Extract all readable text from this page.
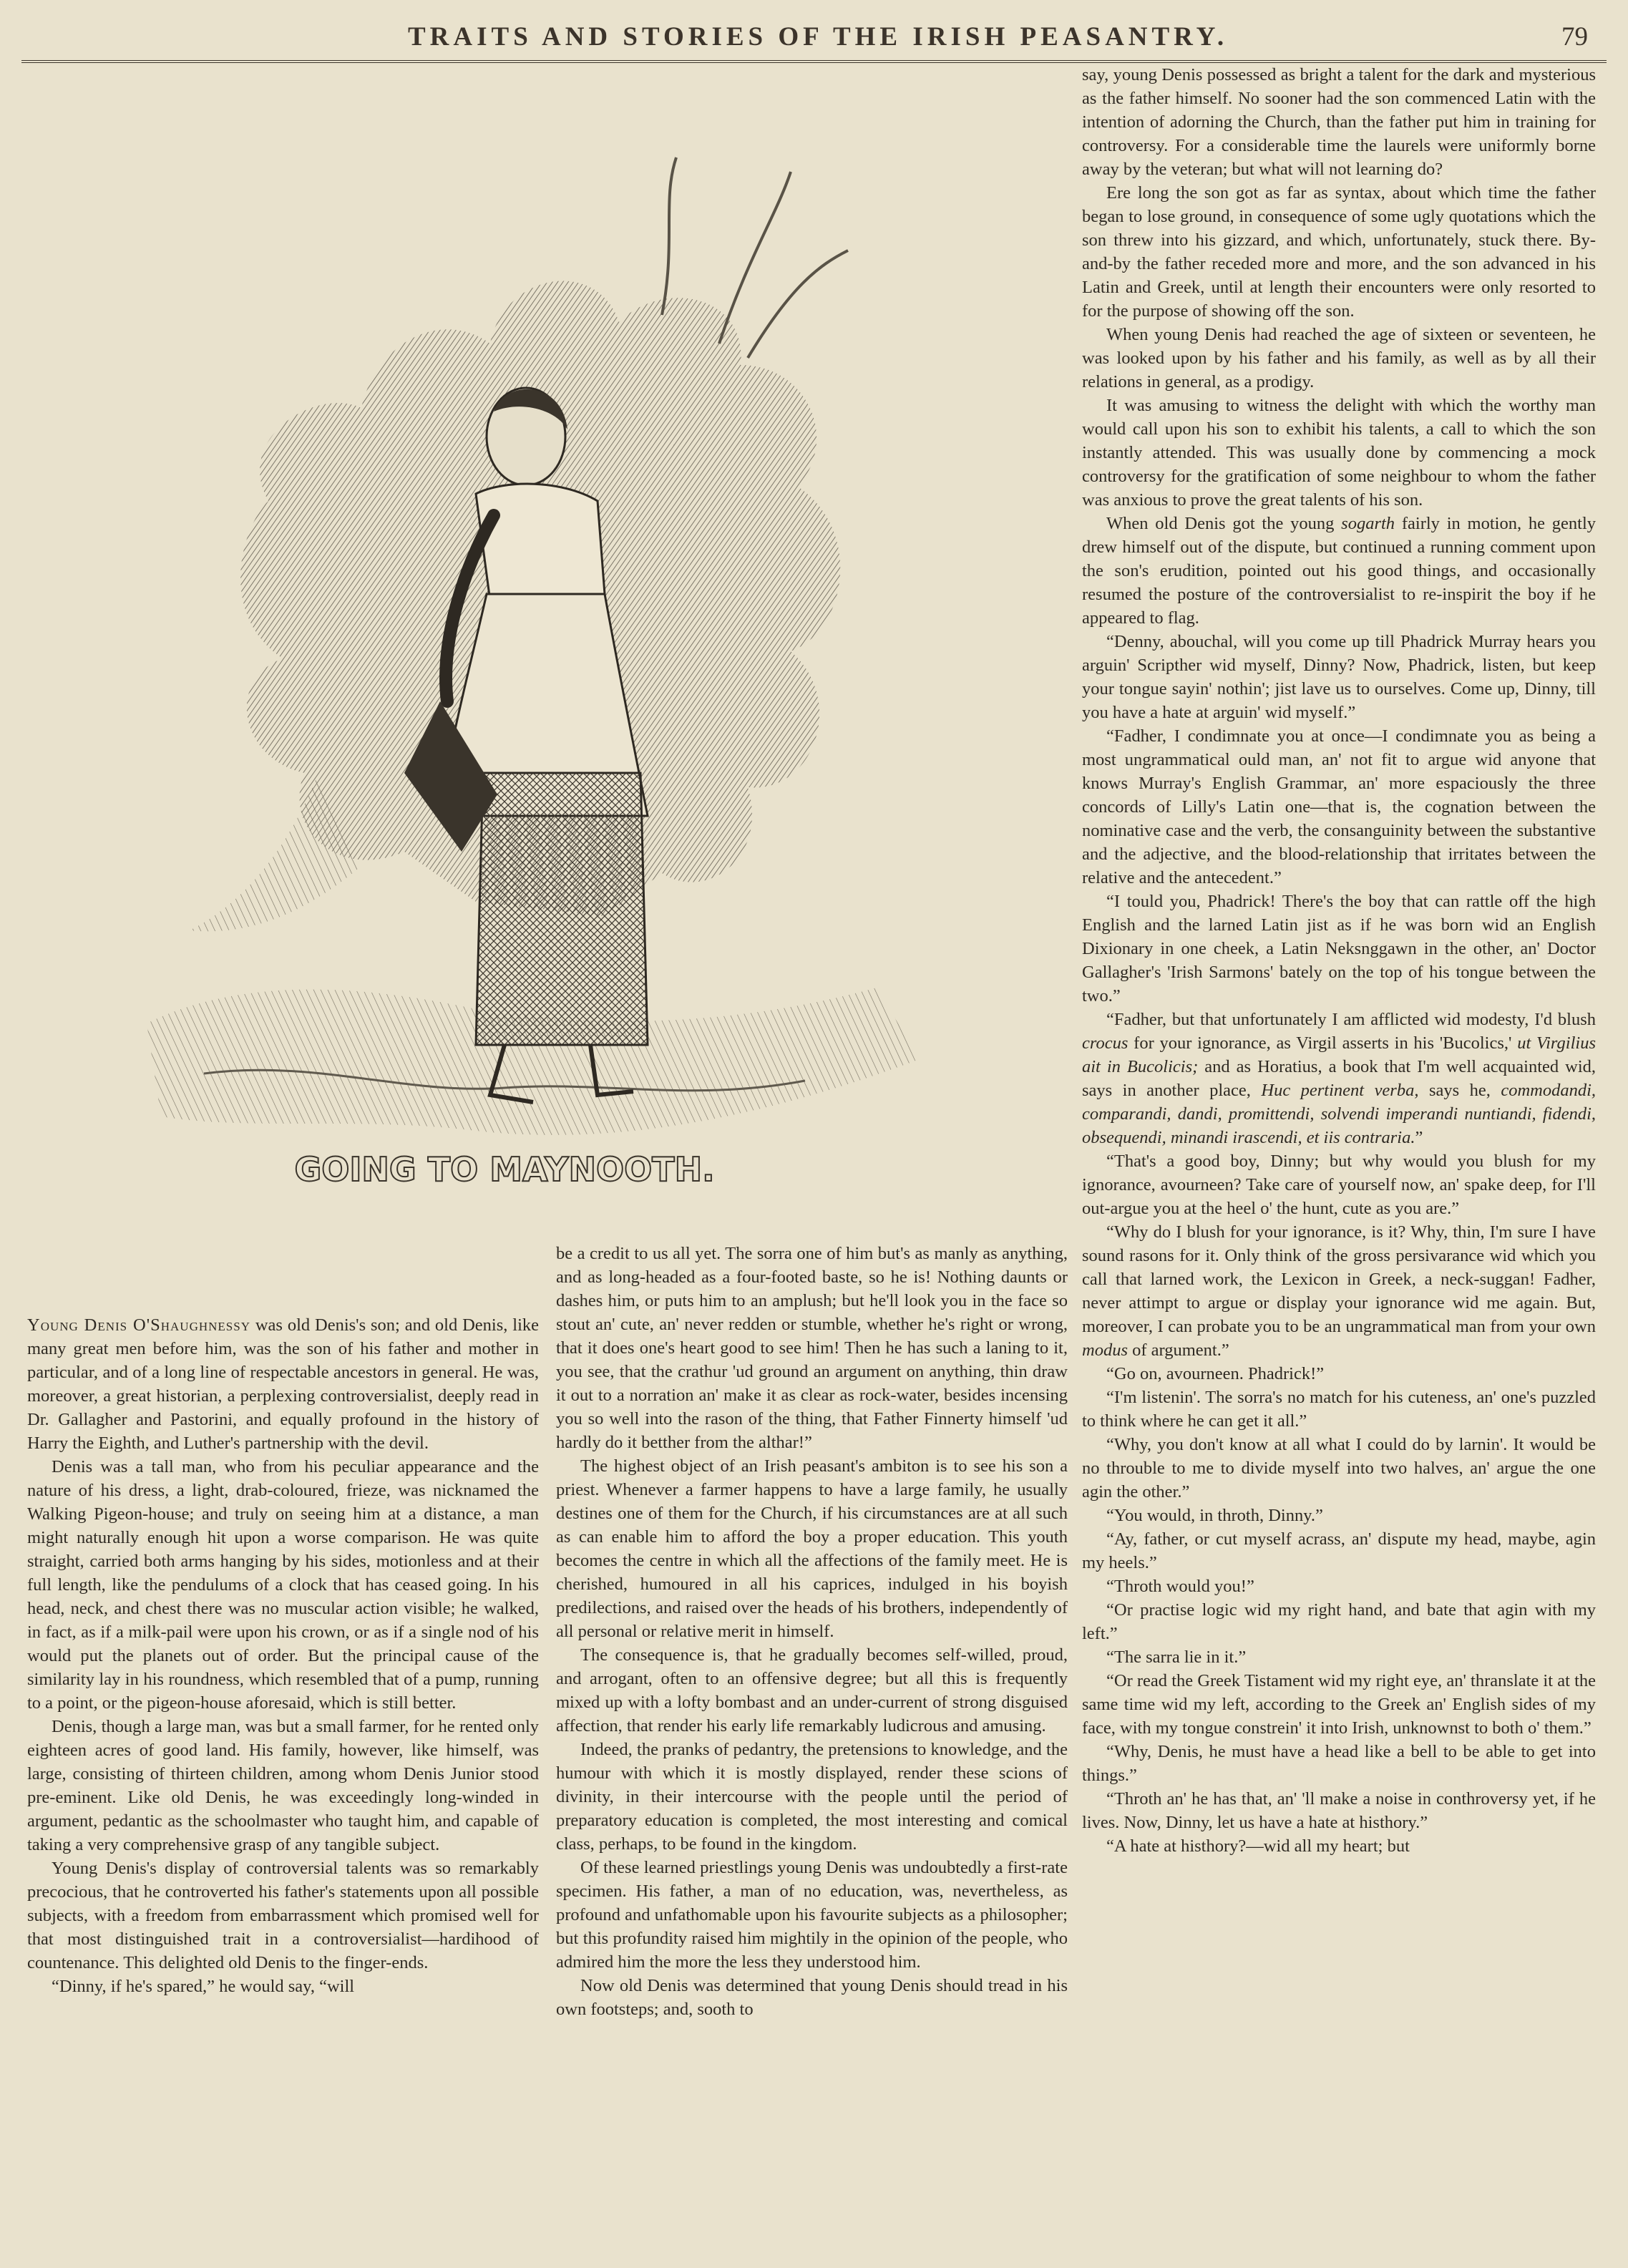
TRAITS AND STORIES OF THE IRISH PEASANTRY.	79
GOING TO MAYNOOTH.

Young Denis O'Shaughnessy was old Denis's son; and old Denis, like many great men before him, was the son of his father and mother in particular, and of a long line of respectable ancestors in general. He was, moreover, a great historian, a perplexing controversialist, deeply read in Dr. Gallagher and Pastorini, and equally profound in the history of Harry the Eighth, and Luther's partnership with the devil.

Denis was a tall man, who from his peculiar appearance and the nature of his dress, a light, drab-coloured, frieze, was nicknamed the Walking Pigeon-house; and truly on seeing him at a distance, a man might naturally enough hit upon a worse comparison. He was quite straight, carried both arms hanging by his sides, motionless and at their full length, like the pendulums of a clock that has ceased going. In his head, neck, and chest there was no muscular action visible; he walked, in fact, as if a milk-pail were upon his crown, or as if a single nod of his would put the planets out of order. But the principal cause of the similarity lay in his roundness, which resembled that of a pump, running to a point, or the pigeon-house aforesaid, which is still better.

Denis, though a large man, was but a small farmer, for he rented only eighteen acres of good land. His family, however, like himself, was large, consisting of thirteen children, among whom Denis Junior stood pre-eminent. Like old Denis, he was exceedingly long-winded in argument, pedantic as the schoolmaster who taught him, and capable of taking a very comprehensive grasp of any tangible subject.

Young Denis's display of controversial talents was so remarkably precocious, that he controverted his father's statements upon all possible subjects, with a freedom from embarrassment which promised well for that most distinguished trait in a controversialist—hardihood of countenance. This delighted old Denis to the finger-ends.

“Dinny, if he's spared,” he would say, “will

be a credit to us all yet. The sorra one of him but's as manly as anything, and as long-headed as a four-footed baste, so he is! Nothing daunts or dashes him, or puts him to an amplush; but he'll look you in the face so stout an' cute, an' never redden or stumble, whether he's right or wrong, that it does one's heart good to see him! Then he has such a laning to it, you see, that the crathur 'ud ground an argument on anything, thin draw it out to a norration an' make it as clear as rock-water, besides incensing you so well into the rason of the thing, that Father Finnerty himself 'ud hardly do it betther from the althar!”

The highest object of an Irish peasant's ambiton is to see his son a priest. Whenever a farmer happens to have a large family, he usually destines one of them for the Church, if his circumstances are at all such as can enable him to afford the boy a proper education. This youth becomes the centre in which all the affections of the family meet. He is cherished, humoured in all his caprices, indulged in his boyish predilections, and raised over the heads of his brothers, independently of all personal or relative merit in himself.

The consequence is, that he gradually becomes self-willed, proud, and arrogant, often to an offensive degree; but all this is frequently mixed up with a lofty bombast and an under-current of strong disguised affection, that render his early life remarkably ludicrous and amusing.

Indeed, the pranks of pedantry, the pretensions to knowledge, and the humour with which it is mostly displayed, render these scions of divinity, in their intercourse with the people until the period of preparatory education is completed, the most interesting and comical class, perhaps, to be found in the kingdom.

Of these learned priestlings young Denis was undoubtedly a first-rate specimen. His father, a man of no education, was, nevertheless, as profound and unfathomable upon his favourite subjects as a philosopher; but this profundity raised him mightily in the opinion of the people, who admired him the more the less they understood him.

Now old Denis was determined that young Denis should tread in his own footsteps; and, sooth to

say, young Denis possessed as bright a talent for the dark and mysterious as the father himself. No sooner had the son commenced Latin with the intention of adorning the Church, than the father put him in training for controversy. For a considerable time the laurels were uniformly borne away by the veteran; but what will not learning do?

Ere long the son got as far as syntax, about which time the father began to lose ground, in consequence of some ugly quotations which the son threw into his gizzard, and which, unfortunately, stuck there. By-and-by the father receded more and more, and the son advanced in his Latin and Greek, until at length their encounters were only resorted to for the purpose of showing off the son.

When young Denis had reached the age of sixteen or seventeen, he was looked upon by his father and his family, as well as by all their relations in general, as a prodigy.

It was amusing to witness the delight with which the worthy man would call upon his son to exhibit his talents, a call to which the son instantly attended. This was usually done by commencing a mock controversy for the gratification of some neighbour to whom the father was anxious to prove the great talents of his son.

When old Denis got the young sogarth fairly in motion, he gently drew himself out of the dispute, but continued a running comment upon the son's erudition, pointed out his good things, and occasionally resumed the posture of the controversialist to re-inspirit the boy if he appeared to flag.

“Denny, abouchal, will you come up till Phadrick Murray hears you arguin' Scripther wid myself, Dinny? Now, Phadrick, listen, but keep your tongue sayin' nothin'; jist lave us to ourselves. Come up, Dinny, till you have a hate at arguin' wid myself.”

“Fadher, I condimnate you at once—I condimnate you as being a most ungrammatical ould man, an' not fit to argue wid anyone that knows Murray's English Grammar, an' more espaciously the three concords of Lilly's Latin one—that is, the cognation between the nominative case and the verb, the consanguinity between the substantive and the adjective, and the blood-relationship that irritates between the relative and the antecedent.”

“I tould you, Phadrick! There's the boy that can rattle off the high English and the larned Latin jist as if he was born wid an English Dixionary in one cheek, a Latin Neksnggawn in the other, an' Doctor Gallagher's 'Irish Sarmons' bately on the top of his tongue between the two.”

“Fadher, but that unfortunately I am afflicted wid modesty, I'd blush crocus for your ignorance, as Virgil asserts in his 'Bucolics,' ut Virgilius ait in Bucolicis; and as Horatius, a book that I'm well acquainted wid, says in another place, Huc pertinent verba, says he, commodandi, comparandi, dandi, promittendi, solvendi imperandi nuntiandi, fidendi, obsequendi, minandi irascendi, et iis contraria.”

“That's a good boy, Dinny; but why would you blush for my ignorance, avourneen? Take care of yourself now, an' spake deep, for I'll out-argue you at the heel o' the hunt, cute as you are.”

“Why do I blush for your ignorance, is it? Why, thin, I'm sure I have sound rasons for it. Only think of the gross persivarance wid which you call that larned work, the Lexicon in Greek, a neck-suggan! Fadher, never attimpt to argue or display your ignorance wid me again. But, moreover, I can probate you to be an ungrammatical man from your own modus of argument.”

“Go on, avourneen. Phadrick!”

“I'm listenin'. The sorra's no match for his cuteness, an' one's puzzled to think where he can get it all.”

“Why, you don't know at all what I could do by larnin'. It would be no throuble to me to divide myself into two halves, an' argue the one agin the other.”

“You would, in throth, Dinny.”

“Ay, father, or cut myself acrass, an' dispute my head, maybe, agin my heels.”

“Throth would you!”

“Or practise logic wid my right hand, and bate that agin with my left.”

“The sarra lie in it.”

“Or read the Greek Tistament wid my right eye, an' thranslate it at the same time wid my left, according to the Greek an' English sides of my face, with my tongue constrein' it into Irish, unknownst to both o' them.”

“Why, Denis, he must have a head like a bell to be able to get into things.”

“Throth an' he has that, an' 'll make a noise in conthroversy yet, if he lives. Now, Dinny, let us have a hate at histhory.”

“A hate at histhory?—wid all my heart; but
